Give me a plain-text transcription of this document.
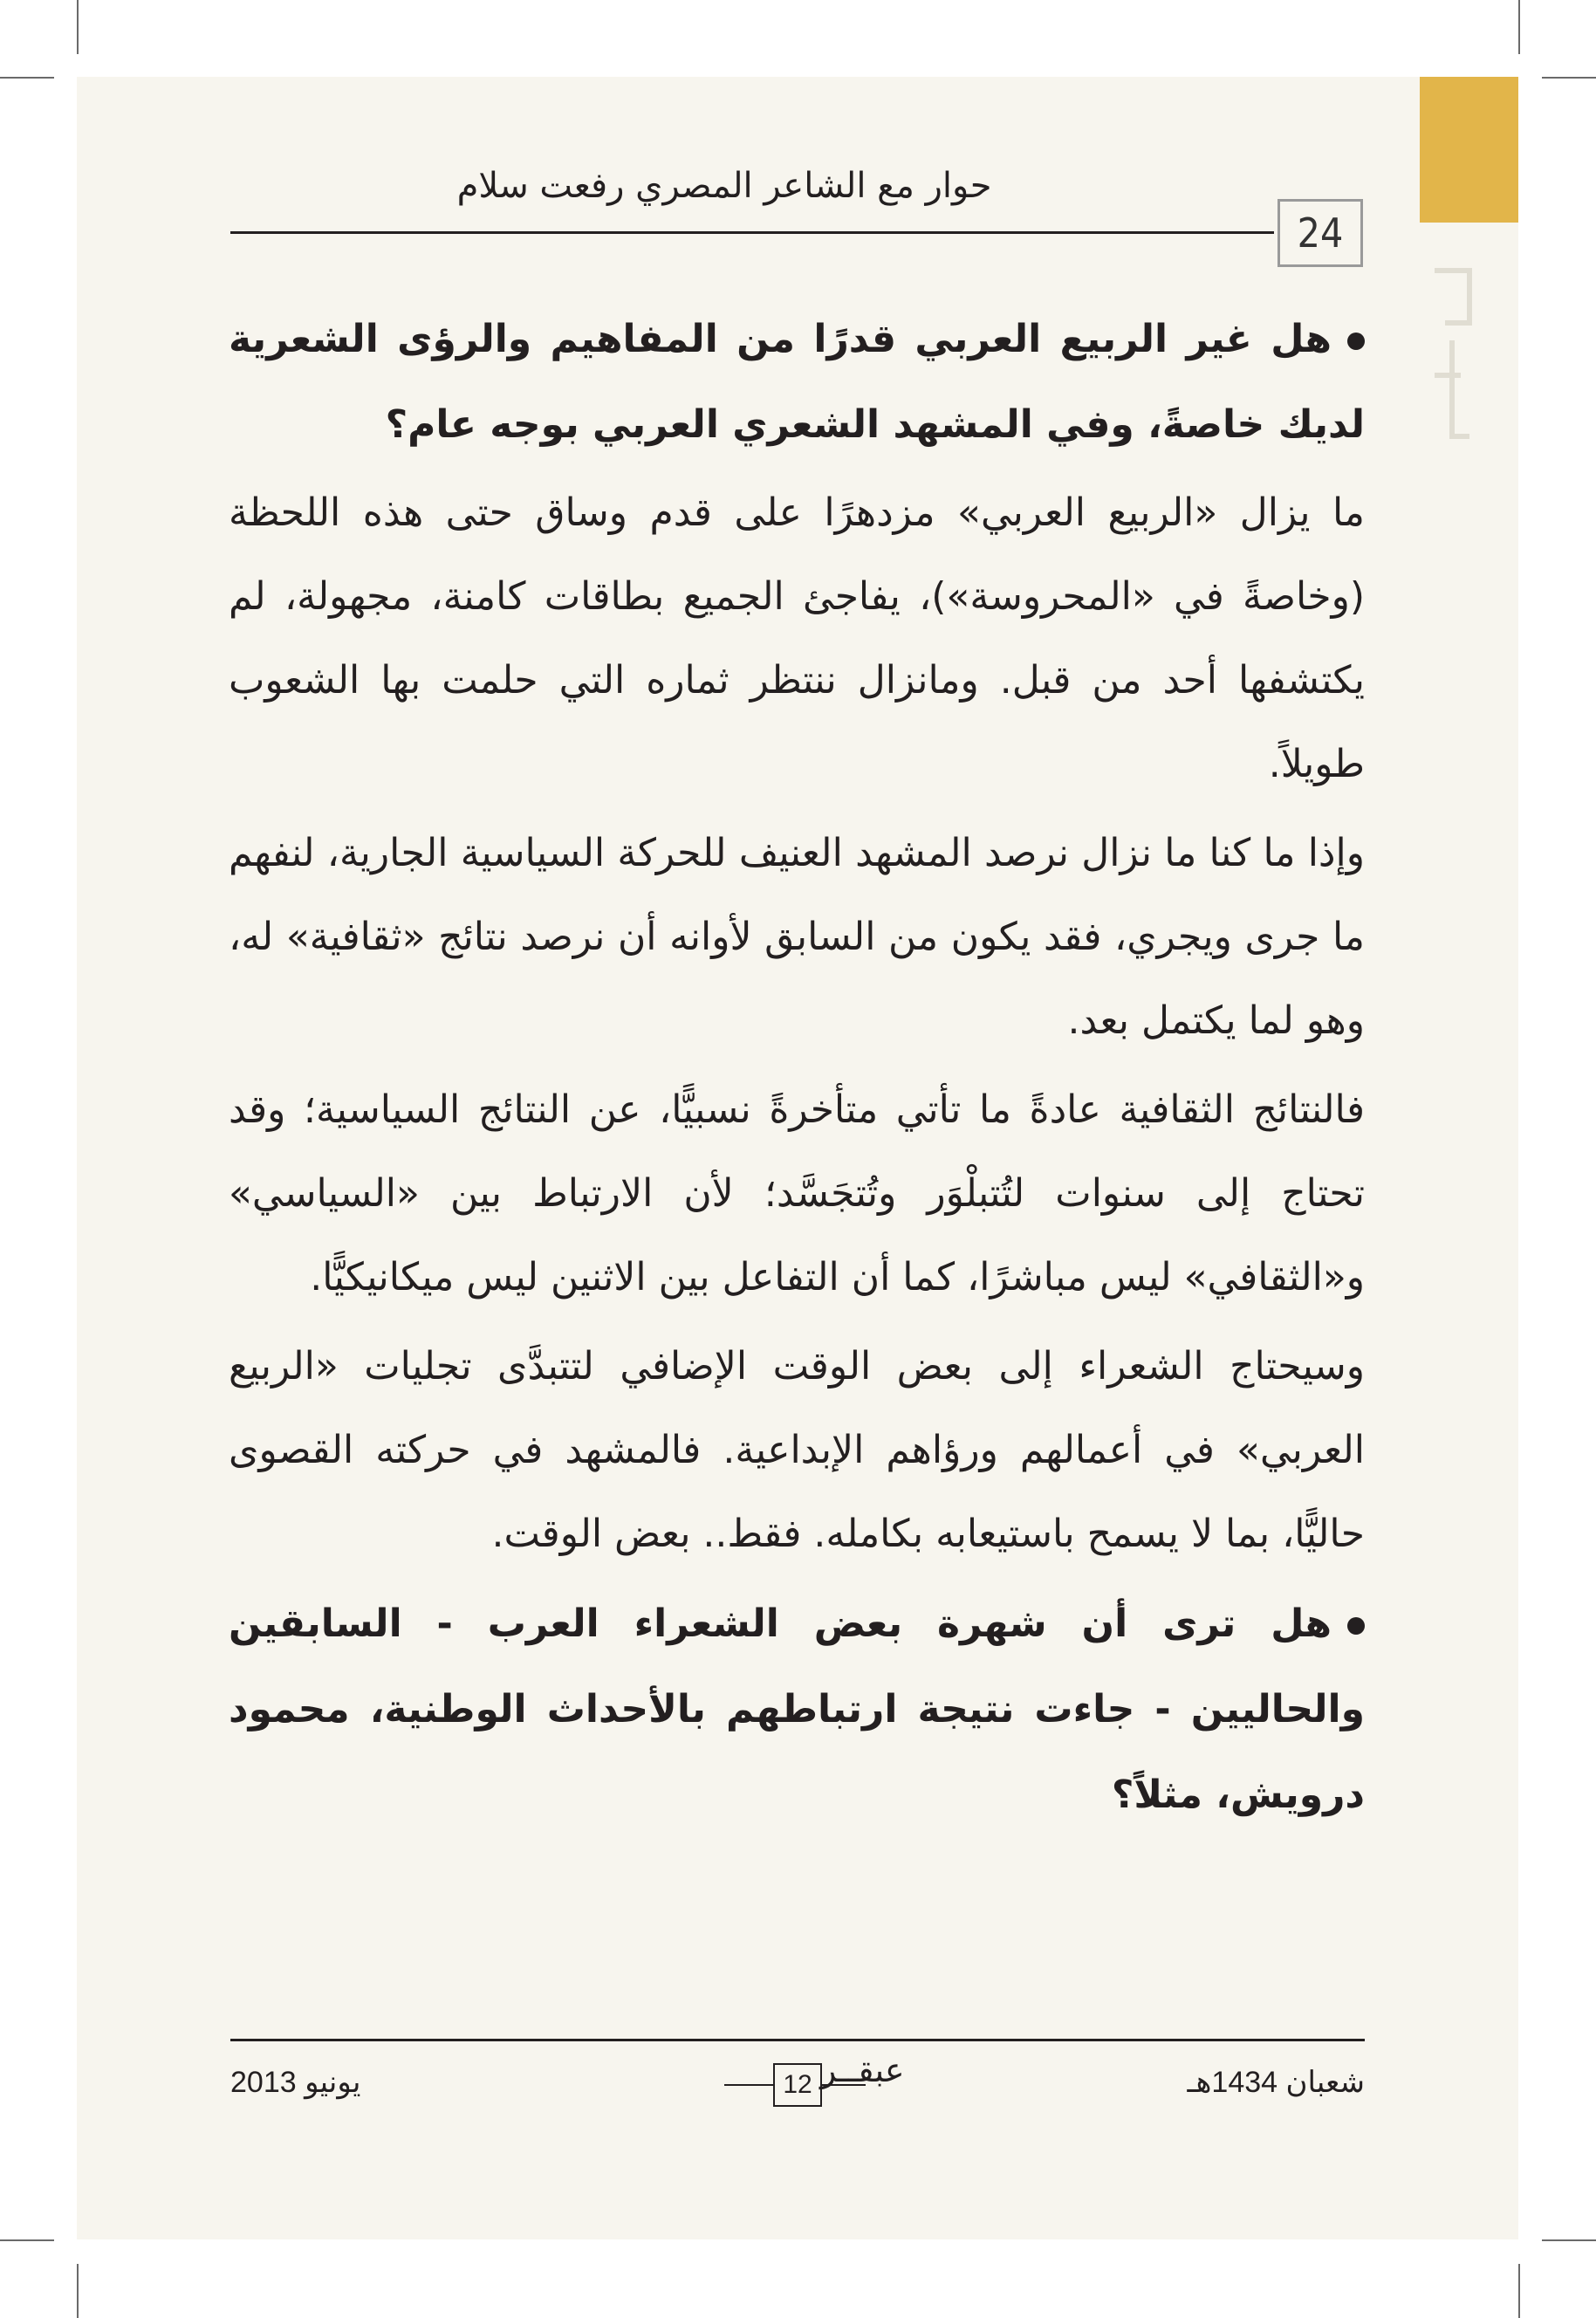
حوار مع الشاعر المصري رفعت سلام
24

هل غير الربيع العربي قدرًا من المفاهيم والرؤى الشعرية لديك خاصةً، وفي المشهد الشعري العربي بوجه عام؟

ما يزال «الربيع العربي» مزدهرًا على قدم وساق حتى هذه اللحظة (وخاصةً في «المحروسة»)، يفاجئ الجميع بطاقات كامنة، مجهولة، لم يكتشفها أحد من قبل. ومانزال ننتظر ثماره التي حلمت بها الشعوب طويلاً.

وإذا ما كنا ما نزال نرصد المشهد العنيف للحركة السياسية الجارية، لنفهم ما جرى ويجري، فقد يكون من السابق لأوانه أن نرصد نتائج «ثقافية» له، وهو لما يكتمل بعد.

فالنتائج الثقافية عادةً ما تأتي متأخرةً نسبيًّا، عن النتائج السياسية؛ وقد تحتاج إلى سنوات لتُتبلْوَر وتُتجَسَّد؛ لأن الارتباط بين «السياسي» و«الثقافي» ليس مباشرًا، كما أن التفاعل بين الاثنين ليس ميكانيكيًّا.

وسيحتاج الشعراء إلى بعض الوقت الإضافي لتتبدَّى تجليات «الربيع العربي» في أعمالهم ورؤاهم الإبداعية. فالمشهد في حركته القصوى حاليًّا، بما لا يسمح باستيعابه بكامله. فقط.. بعض الوقت.

هل ترى أن شهرة بعض الشعراء العرب - السابقين والحاليين - جاءت نتيجة ارتباطهم بالأحداث الوطنية، محمود درويش، مثلاً؟

شعبان 1434هـ
12 عبقــر
يونيو 2013
